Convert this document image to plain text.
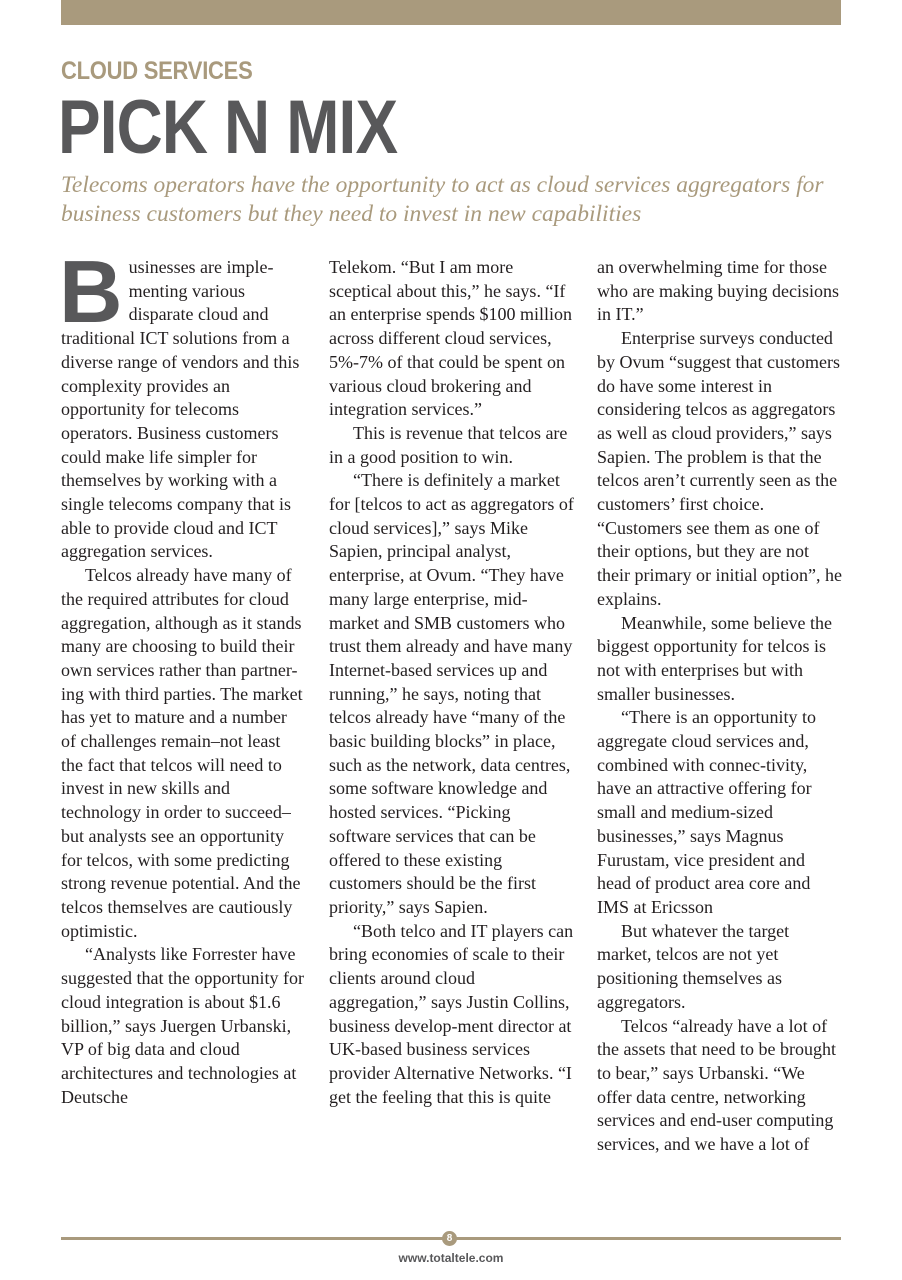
CLOUD SERVICES
PICK N MIX
Telecoms operators have the opportunity to act as cloud services aggregators for business customers but they need to invest in new capabilities

Businesses are imple-menting various disparate cloud and traditional ICT solutions from a diverse range of vendors and this complexity provides an opportunity for telecoms operators. Business customers could make life simpler for themselves by working with a single telecoms company that is able to provide cloud and ICT aggregation services.

Telcos already have many of the required attributes for cloud aggregation, although as it stands many are choosing to build their own services rather than partner-ing with third parties. The market has yet to mature and a number of challenges remain–not least the fact that telcos will need to invest in new skills and technology in order to succeed–but analysts see an opportunity for telcos, with some predicting strong revenue potential. And the telcos themselves are cautiously optimistic.

“Analysts like Forrester have suggested that the opportunity for cloud integration is about $1.6 billion,” says Juergen Urbanski, VP of big data and cloud architectures and technologies at Deutsche

Telekom. “But I am more sceptical about this,” he says. “If an enterprise spends $100 million across different cloud services, 5%-7% of that could be spent on various cloud brokering and integration services.”

This is revenue that telcos are in a good position to win.

“There is definitely a market for [telcos to act as aggregators of cloud services],” says Mike Sapien, principal analyst, enterprise, at Ovum. “They have many large enterprise, mid-market and SMB customers who trust them already and have many Internet-based services up and running,” he says, noting that telcos already have “many of the basic building blocks” in place, such as the network, data centres, some software knowledge and hosted services. “Picking software services that can be offered to these existing customers should be the first priority,” says Sapien.

“Both telco and IT players can bring economies of scale to their clients around cloud aggregation,” says Justin Collins, business develop-ment director at UK-based business services provider Alternative Networks. “I get the feeling that this is quite

an overwhelming time for those who are making buying decisions in IT.”

Enterprise surveys conducted by Ovum “suggest that customers do have some interest in considering telcos as aggregators as well as cloud providers,” says Sapien. The problem is that the telcos aren’t currently seen as the customers’ first choice. “Customers see them as one of their options, but they are not their primary or initial option”, he explains.

Meanwhile, some believe the biggest opportunity for telcos is not with enterprises but with smaller businesses.

“There is an opportunity to aggregate cloud services and, combined with connec-tivity, have an attractive offering for small and medium-sized businesses,” says Magnus Furustam, vice president and head of product area core and IMS at Ericsson

But whatever the target market, telcos are not yet positioning themselves as aggregators.

Telcos “already have a lot of the assets that need to be brought to bear,” says Urbanski. “We offer data centre, networking services and end-user computing services, and we have a lot of

8
www.totaltele.com
